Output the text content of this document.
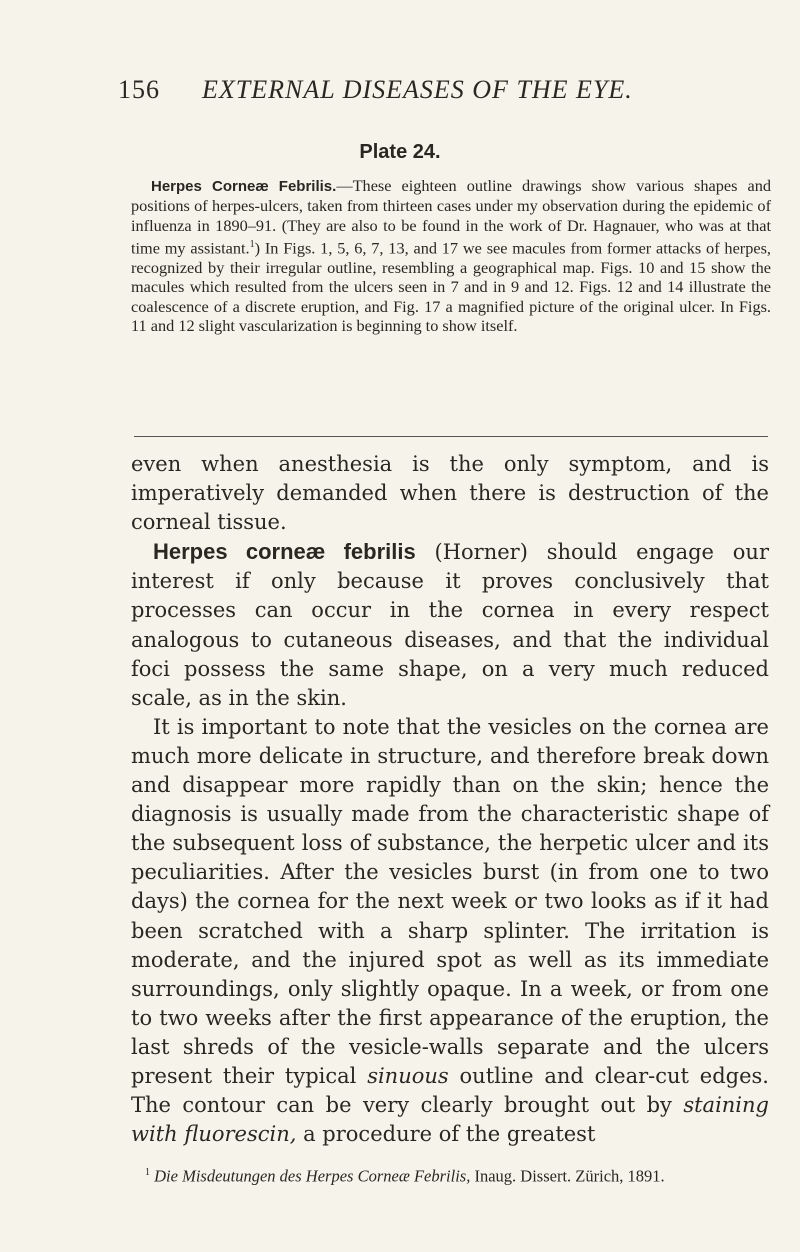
156 EXTERNAL DISEASES OF THE EYE.
Plate 24.
Herpes Corneæ Febrilis.—These eighteen outline drawings show various shapes and positions of herpes-ulcers, taken from thirteen cases under my observation during the epidemic of influenza in 1890–91. (They are also to be found in the work of Dr. Hagnauer, who was at that time my assistant.$^1$) In Figs. 1, 5, 6, 7, 13, and 17 we see macules from former attacks of herpes, recognized by their irregular outline, resembling a geographical map. Figs. 10 and 15 show the macules which resulted from the ulcers seen in 7 and in 9 and 12. Figs. 12 and 14 illustrate the coalescence of a discrete eruption, and Fig. 17 a magnified picture of the original ulcer. In Figs. 11 and 12 slight vascularization is beginning to show itself.

even when anesthesia is the only symptom, and is imperatively demanded when there is destruction of the corneal tissue.

Herpes corneæ febrilis (Horner) should engage our interest if only because it proves conclusively that processes can occur in the cornea in every respect analogous to cutaneous diseases, and that the individual foci possess the same shape, on a very much reduced scale, as in the skin.

It is important to note that the vesicles on the cornea are much more delicate in structure, and therefore break down and disappear more rapidly than on the skin; hence the diagnosis is usually made from the characteristic shape of the subsequent loss of substance, the herpetic ulcer and its peculiarities. After the vesicles burst (in from one to two days) the cornea for the next week or two looks as if it had been scratched with a sharp splinter. The irritation is moderate, and the injured spot as well as its immediate surroundings, only slightly opaque. In a week, or from one to two weeks after the first appearance of the eruption, the last shreds of the vesicle-walls separate and the ulcers present their typical sinuous outline and clear-cut edges. The contour can be very clearly brought out by staining with fluorescin, a procedure of the greatest

$^1$ Die Misdeutungen des Herpes Corneæ Febrilis, Inaug. Dissert. Zürich, 1891.
